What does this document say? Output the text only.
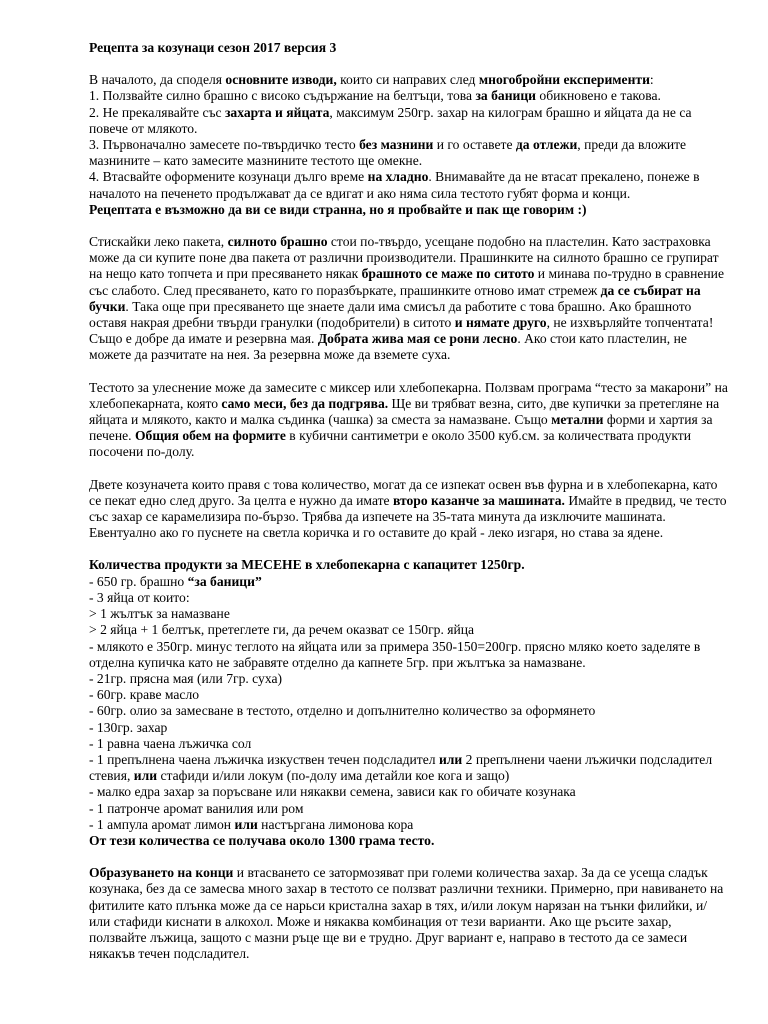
Рецепта за козунаци сезон 2017 версия 3

В началото, да споделя основните изводи, които си направих след многобройни експерименти:

1. Ползвайте силно брашно с високо съдържание на белтъци, това за баници обикновено е такова.

2. Не прекалявайте със захарта и яйцата, максимум 250гр. захар на килограм брашно и яйцата да не са повече от млякото.

3. Първоначално замесете по-твърдичко тесто без мазнини и го оставете да отлежи, преди да вложите мазнините – като замесите мазнините тестото ще омекне.

4. Втасвайте оформените козунаци дълго време на хладно. Внимавайте да не втасат прекалено, понеже в началото на печенето продължават да се вдигат и ако няма сила тестото губят форма и конци.

Рецептата е възможно да ви се види странна, но я пробвайте и пак ще говорим :)

Стискайки леко пакета, силното брашно стои по-твърдо, усещане подобно на пластелин. Като застраховка може да си купите поне два пакета от различни производители. Прашинките на силното брашно се групират на нещо като топчета и при пресяването някак брашното се маже по ситото и минава по-трудно в сравнение със слабото. След пресяването, като го поразбъркате, прашинките отново имат стремеж да се събират на бучки. Така още при пресяването ще знаете дали има смисъл да работите с това брашно. Ако брашното оставя накрая дребни твърди гранулки (подобрители) в ситото и нямате друго, не изхвърляйте топчентата! Също е добре да имате и резервна мая. Добрата жива мая се рони лесно. Ако стои като пластелин, не можете да разчитате на нея. За резервна може да вземете суха.

Тестото за улеснение може да замесите с миксер или хлебопекарна. Ползвам програма “тесто за макарони” на хлебопекарната, която само меси, без да подгрява. Ще ви трябват везна, сито, две купички за претегляне на яйцата и млякото, както и малка съдинка (чашка) за сместа за намазване. Също метални форми и хартия за печене. Общия обем на формите в кубични сантиметри е около 3500 куб.см. за количествата продукти посочени по-долу.

Двете козуначета които правя с това количество, могат да се изпекат освен във фурна и в хлебопекарна, като се пекат едно след друго. За целта е нужно да имате второ казанче за машината. Имайте в предвид, че тесто със захар се карамелизира по-бързо. Трябва да изпечете на 35-тата минута да изключите машината. Евентуално ако го пуснете на светла коричка и го оставите до край - леко изгаря, но става за ядене.

Количества продукти за МЕСЕНЕ в хлебопекарна с капацитет 1250гр.

- 650 гр. брашно “за баници”

- 3 яйца от които:

> 1 жълтък за намазване

> 2 яйца + 1 белтък, претеглете ги, да речем оказват се 150гр. яйца

- млякото е 350гр. минус теглото на яйцата или за примера 350-150=200гр. прясно мляко което заделяте в отделна купичка като не забравяте отделно да капнете 5гр. при жълтъка за намазване.

- 21гр. прясна мая (или 7гр. суха)

- 60гр. краве масло

- 60гр. олио за замесване в тестото, отделно и допълнително количество за оформянето

- 130гр. захар

- 1 равна чаена лъжичка сол

- 1 препълнена чаена лъжичка изкуствен течен подсладител или 2 препълнени чаени лъжички подсладител стевия, или стафиди и/или локум (по-долу има детайли кое кога и защо)

- малко едра захар за поръсване или някакви семена, зависи как го обичате козунака

- 1 патронче аромат ванилия или ром

- 1 ампула аромат лимон или настъргана лимонова кора

От тези количества се получава около 1300 грама тесто.

Образуването на конци и втасването се затормозяват при големи количества захар. За да се усеща сладък козунака, без да се замесва много захар в тестото се ползват различни техники. Примерно, при навиването на фитилите като плънка може да се нарьси кристална захар в тях, и/или локум нарязан на тънки филийки, и/или стафиди киснати в алкохол. Може и някаква комбинация от тези варианти. Ако ще ръсите захар, ползвайте лъжица, защото с мазни ръце ще ви е трудно. Друг вариант е, направо в тестото да се замеси някакъв течен подсладител.
